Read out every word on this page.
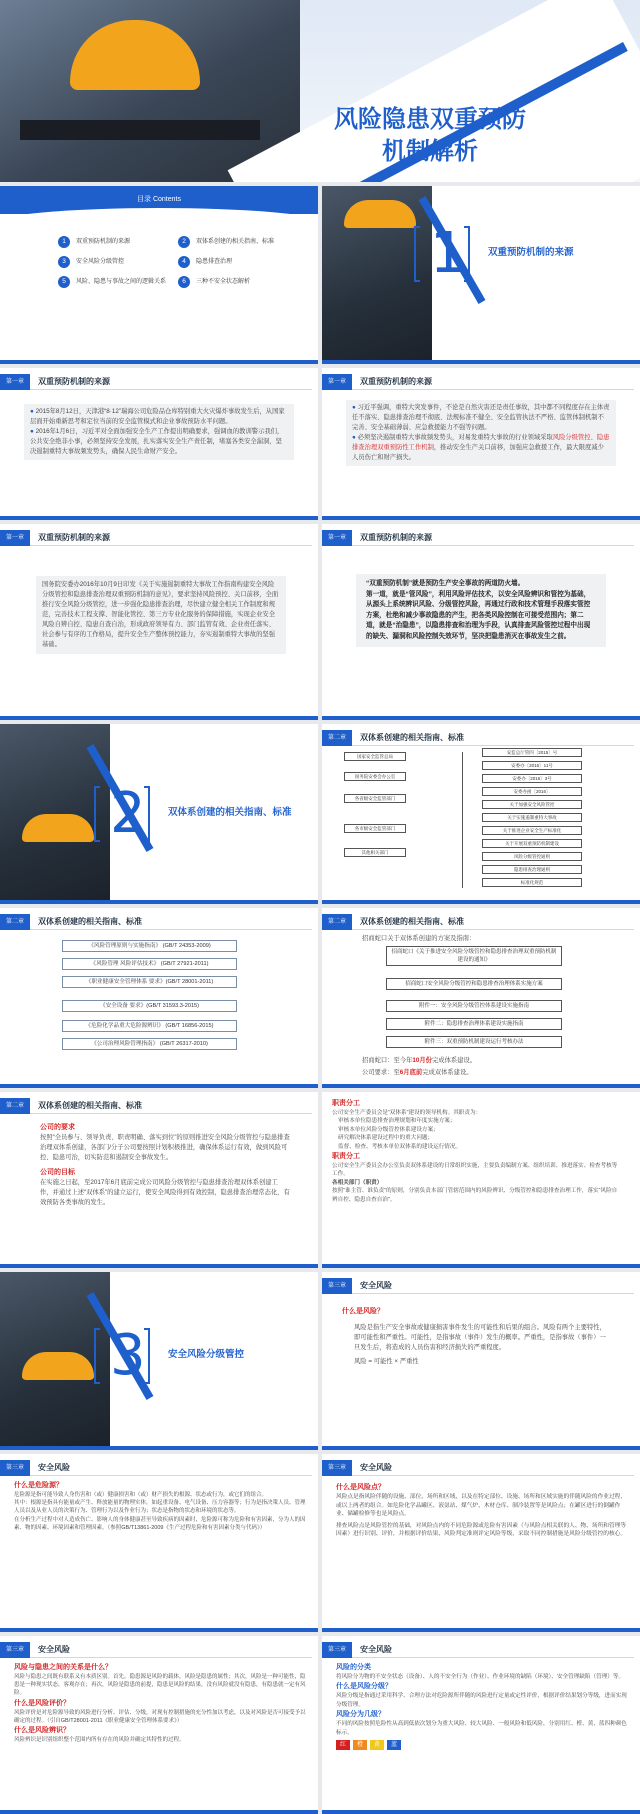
风险隐患双重预防
机制解析
目录 Contents
1	双重预防机制的来源	2	双体系创建的相关指南、标准
3	安全风险分级管控	4	隐患排查治理
5	风险、隐患与事故之间的逻辑关系	6	三种不安全状态解析	1 双重预防机制的来源
第一章	双重预防机制的来源

● 2015年8月12日，天津港“8·12”瑞海公司危险品仓库特别重大火灾爆炸事故发生后，从国家层面开始重新思考和定位当前的安全监管模式和企业事故预防水平问题。

● 2016年1月6日，习近平对全面加强安全生产工作提出明确要求，强调血的教训警示我们，公共安全绝非小事，必须坚持安全发展，扎实落实安全生产责任制，堵塞各类安全漏洞，坚决遏制重特大事故频发势头，确保人民生命财产安全。

第一章	双重预防机制的来源

● 习近平强调，重特大突发事件，不论是自然灾害还是责任事故，其中都不同程度存在主体责任不落实、隐患排查治理不彻底、法规标准不健全、安全监管执法不严格、监管体制机制不完善、安全基础薄弱、应急救援能力不强等问题。

● 必须坚决遏制重特大事故频发势头，对易发重特大事故的行业领域采取风险分级管控、隐患排查治理双重预防性工作机制，推动安全生产关口前移，加强应急救援工作，最大限度减少人员伤亡和财产损失。

第一章	双重预防机制的来源

国务院安委办2016年10月9日印发《关于实施遏制重特大事故工作指南构建安全风险分级管控和隐患排查治理双重预防机制的意见》，要求坚持风险预控、关口前移，全面推行安全风险分级管控，进一步强化隐患排查治理，尽快建立健全相关工作制度和规范，完善技术工程支撑、智能化管控、第三方专业化服务的保障措施，实现企业安全风险自辨自控、隐患自查自治，形成政府领导有力、部门监管有效、企业责任落实、社会参与有序的工作格局，提升安全生产整体预控能力，夯实遏制重特大事故的坚强基础。

第一章	双重预防机制的来源

“双重预防机制”就是预防生产安全事故的两道防火墙。

第一道，就是“管风险”，利用风险评估技术，以安全风险辨识和管控为基础，从源头上系统辨识风险、分级管控风险，再通过行政和技术管理手段落实管控方案，杜绝和减少事故隐患的产生，把各类风险控制在可接受范围内；第二道，就是“治隐患”，以隐患排查和治理为手段，认真排查风险管控过程中出现的缺失、漏洞和风险控制失效环节，坚决把隐患消灭在事故发生之前。

2 双体系创建的相关指南、标准
第二章	双体系创建的相关指南、标准
国家安全监管总局
国务院安委会办公室
各省级安全监管部门
各市级安全监管部门
其他相关部门
安监总厅管四〔2015〕号
安委办〔2016〕11号
安委办〔2016〕3号
安委办函〔2016〕
关于加强安全风险管控
关于实施遏制重特大事故
关于推进企业安全生产标准化
关于开展双重预防机制建设
风险分级管控通则
隐患排查治理通则
标准化规范
第二章	双体系创建的相关指南、标准
《风险管理原则与实施指南》 (GB/T 24353-2009)
《风险管理 风险评估技术》 (GB/T 27921-2011)
《职业健康安全管理体系 要求》(GB/T 28001-2011)
《安全设备 要求》(GB/T 31593.3-2015)
《危险化学品重大危险源辨识》 (GB/T 16856-2015)
《公司治理风险管理指南》 (GB/T 26317-2010)
第二章	双体系创建的相关指南、标准
招商蛇口关于双体系创建的方案及指南：
招商蛇口《关于推进安全风险分级管控和隐患排查治理双重预防机制建设的通知》
招商蛇口安全风险分级管控和隐患排查治理体系实施方案
附件一：安全风险分级管控体系建设实施指南
附件二：隐患排查治理体系建设实施指南
附件三：双重预防机制建设运行考核办法
招商蛇口：至今年10月份完成体系建设。
公司要求：至6月底前完成双体系建设。
第二章	双体系创建的相关指南、标准
公司的要求

按照“全员参与、领导负责、职责明确、落实到位”的原则推进安全风险分级管控与隐患排查治理双体系创建，各部门/分子公司要按照计划积极推进，确保体系运行有效，做到风险可控、隐患可治，切实防范和遏制安全事故发生。

公司的目标

在实施之日起，至2017年6月底前完成公司风险分级管控与隐患排查治理双体系创建工作，并通过上述“双体系”的建立运行，使安全风险得到有效控制，隐患排查治理常态化，有效预防各类事故的发生。

职责分工

公司安全生产委员会是“双体系”建设的领导机构。其职责为：

审核本单位隐患排查治理规划和年度实施方案；

审核本单位风险分级管控体系建设方案；

研究解决体系建设过程中的重大问题；

监督、检查、考核本单位双体系的建设运行情况。

职责分工

公司安全生产委员会办公室负责双体系建设的日常组织实施，主要负责编制方案、组织培训、推进落实、检查考核等工作。

各相关部门（职责）

按照“谁主管、谁负责”的原则，分别负责本部门管辖范围内的风险辨识、分级管控和隐患排查治理工作，落实“风险自辨自控、隐患自查自治”。

3 安全风险分级管控
第三章	安全风险
什么是风险？

风险是指生产安全事故或健康损害事件发生的可能性和后果的组合。风险有两个主要特性，即可能性和严重性。可能性，是指事故（事件）发生的概率。严重性，是指事故（事件）一旦发生后，将造成的人员伤害和经济损失的严重程度。

风险 = 可能性 × 严重性

第三章	安全风险
什么是危险源？

危险源是指可能导致人身伤害和（或）健康损害和（或）财产损失的根源、状态或行为，或它们的组合。

其中：根源是指具有能量或产生、释放能量的物理实体，如起重设备、电气设备、压力容器等；行为是指决策人员、管理人员以及从业人员的决策行为、管理行为以及作业行为；状态是指物的状态和环境的状态等。

在分析生产过程中对人造成伤亡、影响人的身体健康甚至导致疾病的因素时，危险源可称为危险和有害因素，分为人的因素、物的因素、环境因素和管理因素。（参照GB/T13861-2009《生产过程危险和有害因素分类与代码》）

第三章	安全风险
什么是风险点？

风险点是指风险伴随的设施、部位、场所和区域，以及在特定部位、设施、场所和区域实施的伴随风险的作业过程，或以上两者的组合。如危险化学品罐区、液氨站、煤气炉、木材仓库、制冷装置等是风险点；在罐区进行的倒罐作业、储罐检修等也是风险点。

排查风险点是风险管控的基础，对风险点内的不同危险源或危险有害因素（与风险点相关联的人、物、场所和管理等因素）进行识别、评价，并根据评价结果、风险判定准则评定风险等级，采取不同控制措施是风险分级管控的核心。

第三章	安全风险
风险与隐患之间的关系是什么？

风险与隐患之间既有联系又有本质区别。首先，隐患源是风险的载体，风险是隐患的属性；其次，风险是一种可能性，隐患是一种现实状态，客观存在；再次，风险是隐患的前提，隐患是风险的结果，没有风险就没有隐患，有隐患就一定有风险。

什么是风险评价？

风险评价是对危险源导致的风险进行分析、评估、分级，对现有控制措施的充分性加以考虑，以及对风险是否可接受予以确定的过程。（引自GB/T28001-2011《职业健康安全管理体系要求》）

什么是风险辨识？

风险辨识是识别组织整个范围内所有存在的风险并确定其特性的过程。

第三章	安全风险
风险的分类

将风险分为物的不安全状态（设备）、人的不安全行为（作业）、作业环境的缺陷（环境）、安全管理缺陷（管理）等。

什么是风险分级？

风险分级是指通过采用科学、合理方法对危险源所伴随的风险进行定量或定性评价，根据评价结果划分等级，进而实现分级管理。

风险分为几级？

不同的风险按照危险性从高到低依次划分为重大风险、较大风险、一般风险和低风险，分别用红、橙、黄、蓝四种颜色标示。

红 橙 黄 蓝
